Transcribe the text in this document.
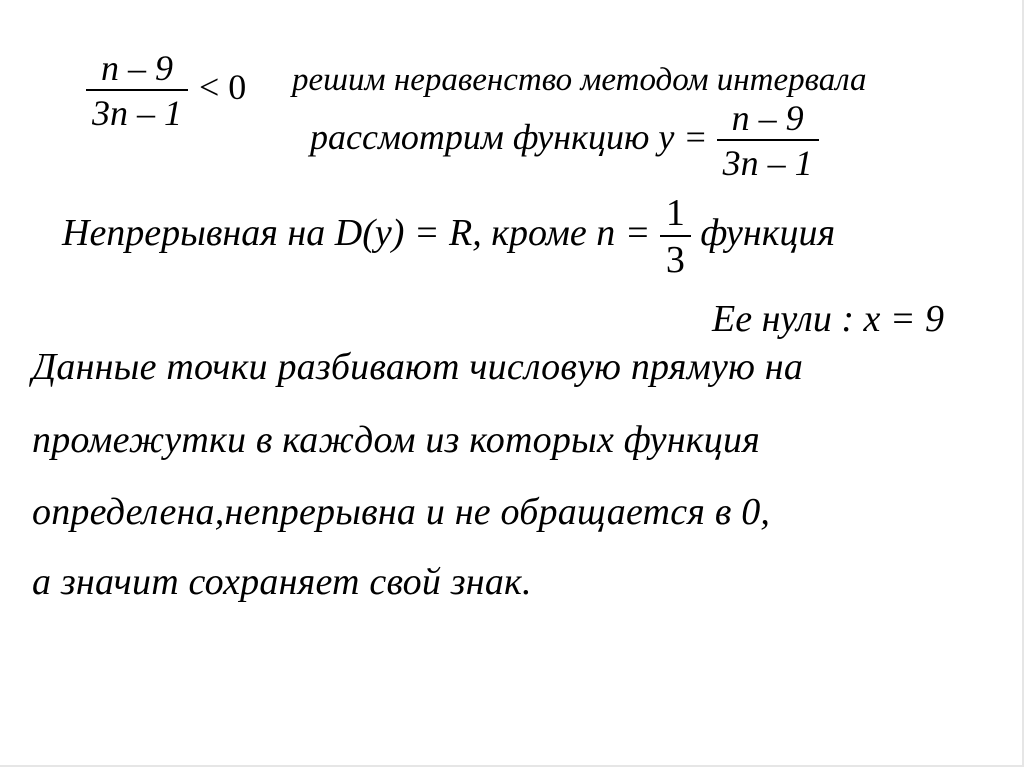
$\frac{n - 9}{3n - 1} < 0$ решим неравенство методом интервала
рассмотрим функцию $y = \frac{n - 9}{3n - 1}$
Непрерывная на D(y) = R, кроме $n = \frac{1}{3}$ функция
Ее нули : x = 9
Данные точки разбивают числовую прямую на
промежутки в каждом из которых функция
определена,непрерывна и не обращается в 0,
а значит сохраняет свой знак.
